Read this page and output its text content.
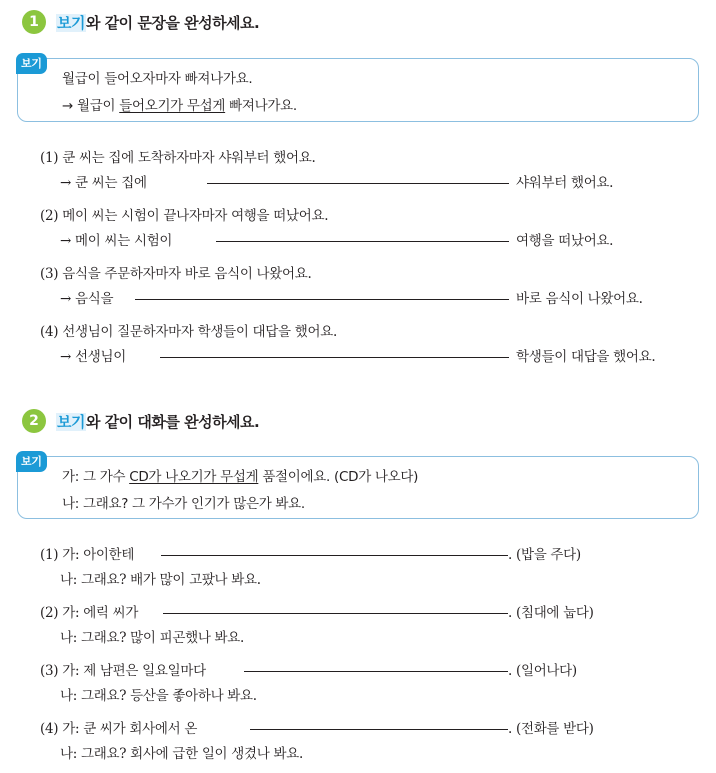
1	보기와 같이 문장을 완성하세요.
보기
월급이 들어오자마자 빠져나가요.
→ 월급이 들어오기가 무섭게 빠져나가요.
(1) 쿤 씨는 집에 도착하자마자 샤워부터 했어요.
→ 쿤 씨는 집에	샤워부터 했어요.
(2) 메이 씨는 시험이 끝나자마자 여행을 떠났어요.
→ 메이 씨는 시험이	여행을 떠났어요.
(3) 음식을 주문하자마자 바로 음식이 나왔어요.
→ 음식을	바로 음식이 나왔어요.
(4) 선생님이 질문하자마자 학생들이 대답을 했어요.
→ 선생님이	학생들이 대답을 했어요.
2	보기와 같이 대화를 완성하세요.
보기
가: 그 가수 CD가 나오기가 무섭게 품절이에요. (CD가 나오다)
나: 그래요? 그 가수가 인기가 많은가 봐요.
(1) 가: 아이한테	. (밥을 주다)
나: 그래요? 배가 많이 고팠나 봐요.
(2) 가: 에릭 씨가	. (침대에 눕다)
나: 그래요? 많이 피곤했나 봐요.
(3) 가: 제 남편은 일요일마다	. (일어나다)
나: 그래요? 등산을 좋아하나 봐요.
(4) 가: 쿤 씨가 회사에서 온	. (전화를 받다)
나: 그래요? 회사에 급한 일이 생겼나 봐요.
